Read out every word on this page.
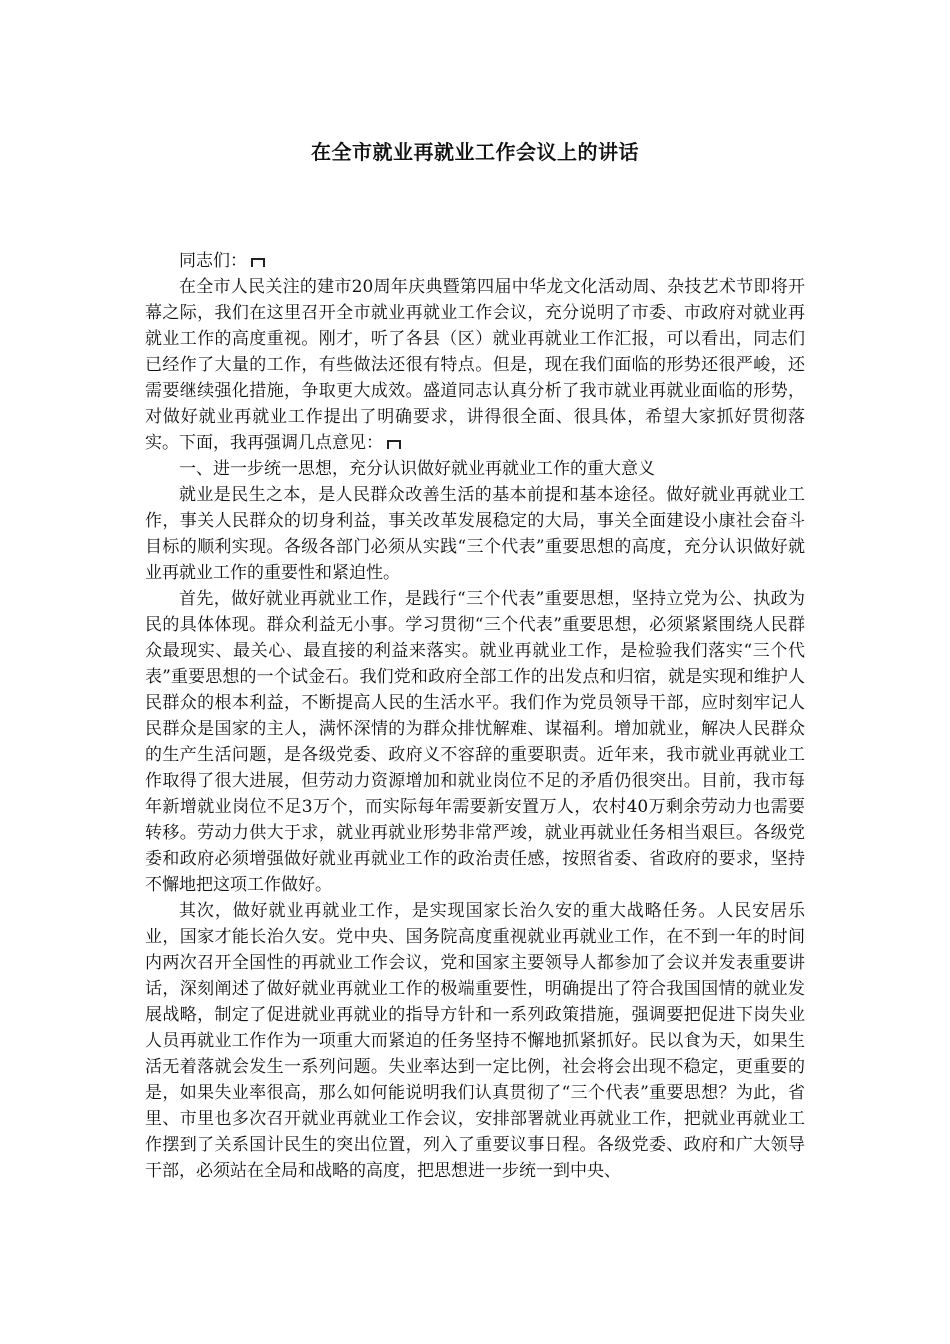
在全市就业再就业工作会议上的讲话

同志们：

在全市人民关注的建市20周年庆典暨第四届中华龙文化活动周、杂技艺术节即将开幕之际，我们在这里召开全市就业再就业工作会议，充分说明了市委、市政府对就业再就业工作的高度重视。刚才，听了各县（区）就业再就业工作汇报，可以看出，同志们已经作了大量的工作，有些做法还很有特点。但是，现在我们面临的形势还很严峻，还需要继续强化措施，争取更大成效。盛道同志认真分析了我市就业再就业面临的形势，对做好就业再就业工作提出了明确要求，讲得很全面、很具体，希望大家抓好贯彻落实。下面，我再强调几点意见：

一、进一步统一思想，充分认识做好就业再就业工作的重大意义

就业是民生之本，是人民群众改善生活的基本前提和基本途径。做好就业再就业工作，事关人民群众的切身利益，事关改革发展稳定的大局，事关全面建设小康社会奋斗目标的顺利实现。各级各部门必须从实践“三个代表”重要思想的高度，充分认识做好就业再就业工作的重要性和紧迫性。

首先，做好就业再就业工作，是践行“三个代表”重要思想，坚持立党为公、执政为民的具体体现。群众利益无小事。学习贯彻“三个代表”重要思想，必须紧紧围绕人民群众最现实、最关心、最直接的利益来落实。就业再就业工作，是检验我们落实“三个代表”重要思想的一个试金石。我们党和政府全部工作的出发点和归宿，就是实现和维护人民群众的根本利益，不断提高人民的生活水平。我们作为党员领导干部，应时刻牢记人民群众是国家的主人，满怀深情的为群众排忧解难、谋福利。增加就业，解决人民群众的生产生活问题，是各级党委、政府义不容辞的重要职责。近年来，我市就业再就业工作取得了很大进展，但劳动力资源增加和就业岗位不足的矛盾仍很突出。目前，我市每年新增就业岗位不足3万个，而实际每年需要新安置万人，农村40万剩余劳动力也需要转移。劳动力供大于求，就业再就业形势非常严竣，就业再就业任务相当艰巨。各级党委和政府必须增强做好就业再就业工作的政治责任感，按照省委、省政府的要求，坚持不懈地把这项工作做好。

其次，做好就业再就业工作，是实现国家长治久安的重大战略任务。人民安居乐业，国家才能长治久安。党中央、国务院高度重视就业再就业工作，在不到一年的时间内两次召开全国性的再就业工作会议，党和国家主要领导人都参加了会议并发表重要讲话，深刻阐述了做好就业再就业工作的极端重要性，明确提出了符合我国国情的就业发展战略，制定了促进就业再就业的指导方针和一系列政策措施，强调要把促进下岗失业人员再就业工作作为一项重大而紧迫的任务坚持不懈地抓紧抓好。民以食为天，如果生活无着落就会发生一系列问题。失业率达到一定比例，社会将会出现不稳定，更重要的是，如果失业率很高，那么如何能说明我们认真贯彻了“三个代表”重要思想？为此，省里、市里也多次召开就业再就业工作会议，安排部署就业再就业工作，把就业再就业工作摆到了关系国计民生的突出位置，列入了重要议事日程。各级党委、政府和广大领导干部，必须站在全局和战略的高度，把思想进一步统一到中央、
